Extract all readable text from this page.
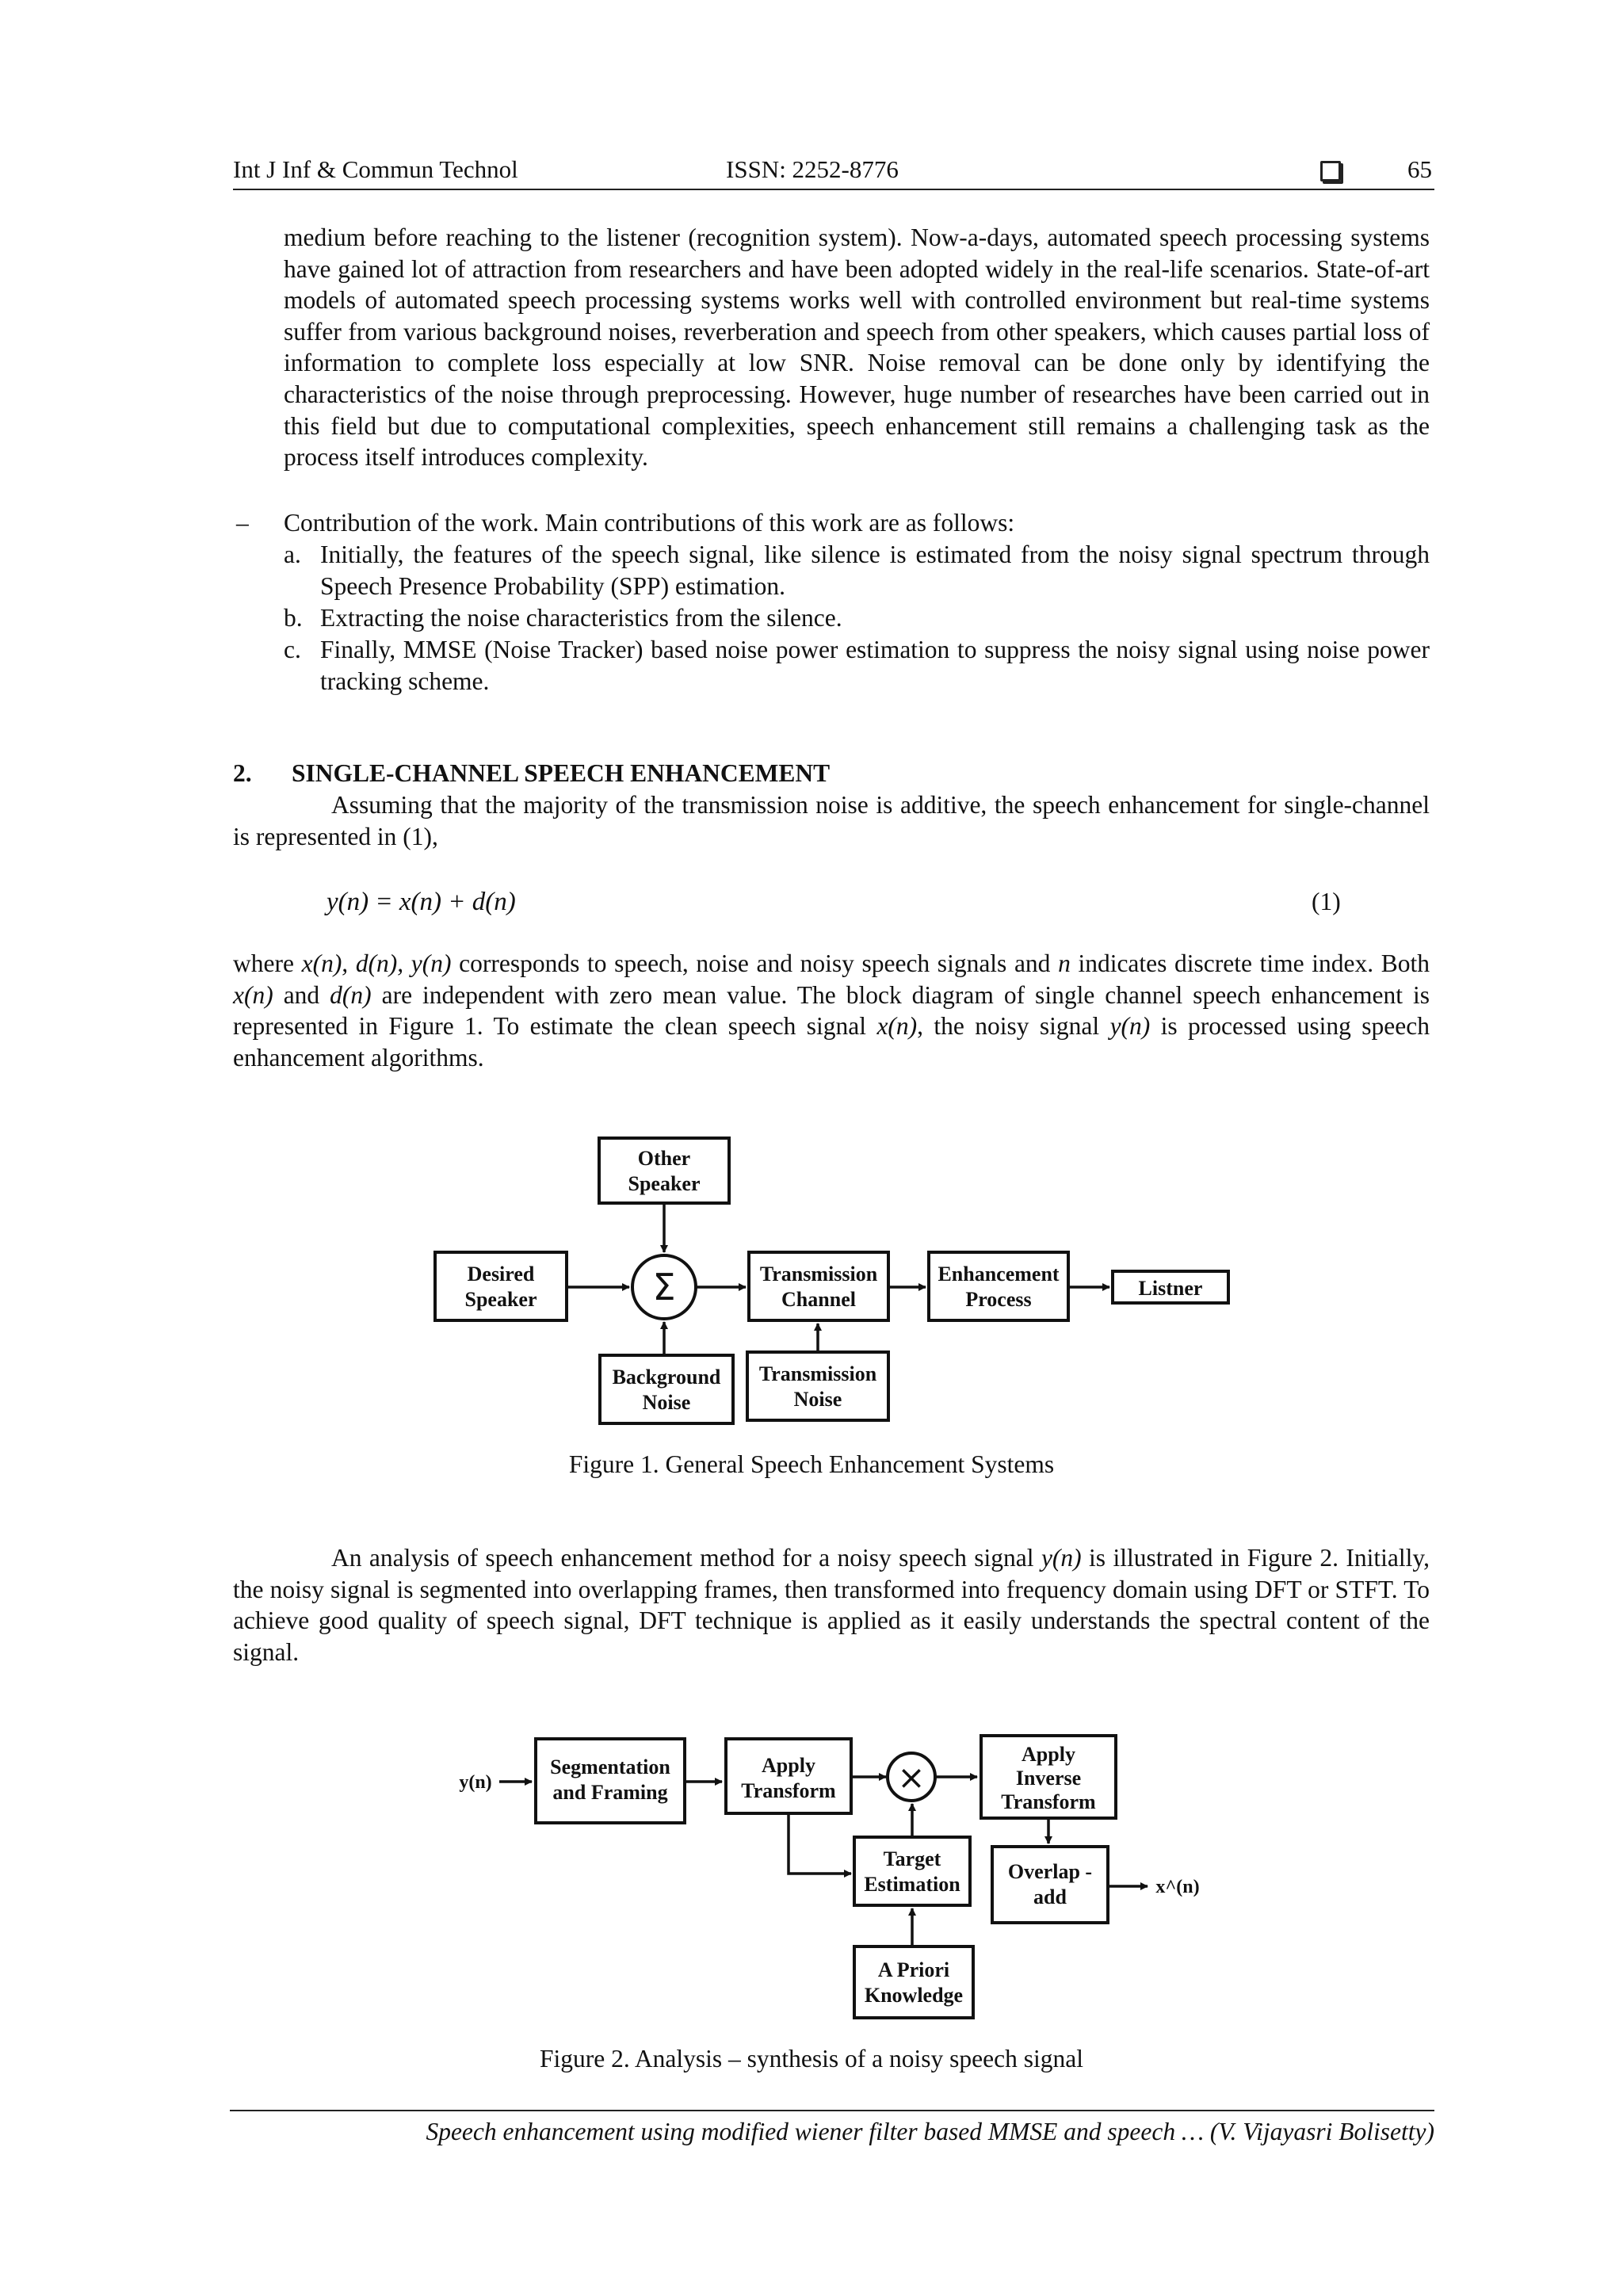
Int J Inf & Commun Technol	ISSN: 2252-8776	65

medium before reaching to the listener (recognition system). Now-a-days, automated speech processing systems have gained lot of attraction from researchers and have been adopted widely in the real-life scenarios. State-of-art models of automated speech processing systems works well with controlled environment but real-time systems suffer from various background noises, reverberation and speech from other speakers, which causes partial loss of information to complete loss especially at low SNR. Noise removal can be done only by identifying the characteristics of the noise through preprocessing. However, huge number of researches have been carried out in this field but due to computational complexities, speech enhancement still remains a challenging task as the process itself introduces complexity.

– Contribution of the work. Main contributions of this work are as follows:
a. Initially, the features of the speech signal, like silence is estimated from the noisy signal spectrum through Speech Presence Probability (SPP) estimation.
b. Extracting the noise characteristics from the silence.
c. Finally, MMSE (Noise Tracker) based noise power estimation to suppress the noisy signal using noise power tracking scheme.
2. SINGLE-CHANNEL SPEECH ENHANCEMENT
Assuming that the majority of the transmission noise is additive, the speech enhancement for single-channel is represented in (1),
y(n) = x(n) + d(n)	(1)

where x(n), d(n), y(n) corresponds to speech, noise and noisy speech signals and n indicates discrete time index. Both x(n) and d(n) are independent with zero mean value. The block diagram of single channel speech enhancement is represented in Figure 1. To estimate the clean speech signal x(n), the noisy signal y(n) is processed using speech enhancement algorithms.

Other
Speaker
Desired
Speaker	Σ	Transmission
Channel
Enhancement
Process	Listner
Background
Noise
Transmission
Noise
y(n)
Segmentation
and Framing
Apply
Transform ×
Apply
Inverse
Transform
Target
Estimation
A Priori
Knowledge
Overlap -
add	x^(n)
Figure 1. General Speech Enhancement Systems
An analysis of speech enhancement method for a noisy speech signal y(n) is illustrated in Figure 2. Initially, the noisy signal is segmented into overlapping frames, then transformed into frequency domain using DFT or STFT. To achieve good quality of speech signal, DFT technique is applied as it easily understands the spectral content of the signal.
Figure 2. Analysis – synthesis of a noisy speech signal
Speech enhancement using modified wiener filter based MMSE and speech … (V. Vijayasri Bolisetty)
